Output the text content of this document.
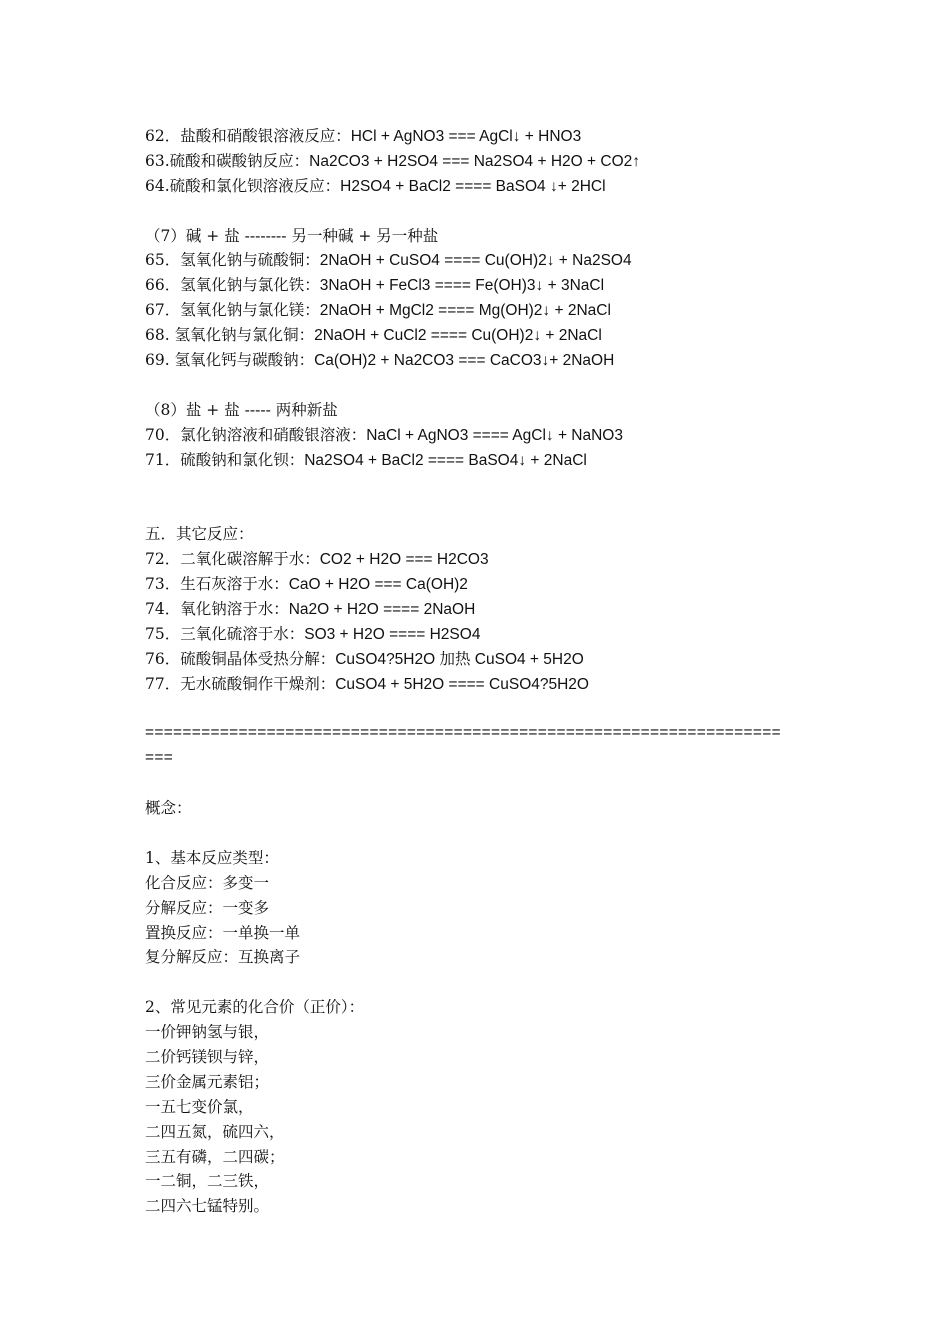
62．盐酸和硝酸银溶液反应：HCl + AgNO3 === AgCl↓ + HNO3
63.硫酸和碳酸钠反应：Na2CO3 + H2SO4 === Na2SO4 + H2O + CO2↑
64.硫酸和氯化钡溶液反应：H2SO4 + BaCl2 ==== BaSO4 ↓+ 2HCl
（7）碱 + 盐 -------- 另一种碱 + 另一种盐
65．氢氧化钠与硫酸铜：2NaOH + CuSO4 ==== Cu(OH)2↓ + Na2SO4
66．氢氧化钠与氯化铁：3NaOH + FeCl3 ==== Fe(OH)3↓ + 3NaCl
67．氢氧化钠与氯化镁：2NaOH + MgCl2 ==== Mg(OH)2↓ + 2NaCl
68. 氢氧化钠与氯化铜：2NaOH + CuCl2 ==== Cu(OH)2↓ + 2NaCl
69. 氢氧化钙与碳酸钠：Ca(OH)2 + Na2CO3 === CaCO3↓+ 2NaOH
（8）盐 + 盐 ----- 两种新盐
70．氯化钠溶液和硝酸银溶液：NaCl + AgNO3 ==== AgCl↓ + NaNO3
71．硫酸钠和氯化钡：Na2SO4 + BaCl2 ==== BaSO4↓ + 2NaCl
五．其它反应：
72．二氧化碳溶解于水：CO2 + H2O === H2CO3
73．生石灰溶于水：CaO + H2O === Ca(OH)2
74．氧化钠溶于水：Na2O + H2O ==== 2NaOH
75．三氧化硫溶于水：SO3 + H2O ==== H2SO4
76．硫酸铜晶体受热分解：CuSO4?5H2O 加热 CuSO4 + 5H2O
77．无水硫酸铜作干燥剂：CuSO4 + 5H2O ==== CuSO4?5H2O
====================================================================
===
概念：
1、基本反应类型：
化合反应：多变一
分解反应：一变多
置换反应：一单换一单
复分解反应：互换离子
2、常见元素的化合价（正价）：
一价钾钠氢与银，
二价钙镁钡与锌，
三价金属元素铝；
一五七变价氯，
二四五氮，硫四六，
三五有磷，二四碳；
一二铜，二三铁，
二四六七锰特别。
